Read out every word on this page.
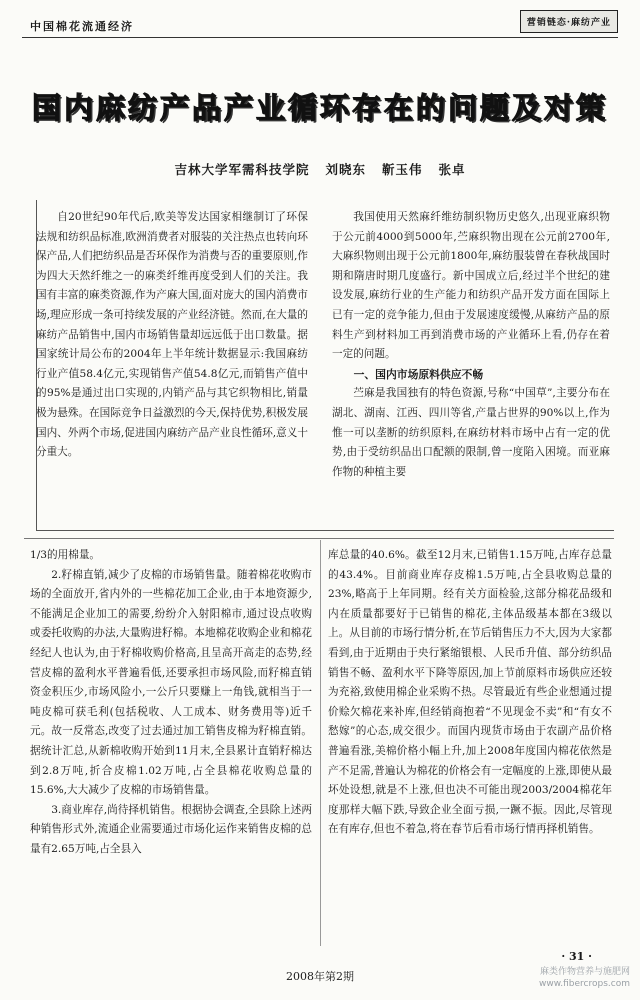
中国棉花流通经济	营销链态·麻纺产业
国内麻纺产品产业循环存在的问题及对策
吉林大学军需科技学院 刘晓东 靳玉伟 张卓

自20世纪90年代后,欧美等发达国家相继制订了环保法规和纺织品标准,欧洲消费者对服装的关注热点也转向环保产品,人们把纺织品是否环保作为消费与否的重要原则,作为四大天然纤维之一的麻类纤维再度受到人们的关注。我国有丰富的麻类资源,作为产麻大国,面对庞大的国内消费市场,理应形成一条可持续发展的产业经济链。然而,在大量的麻纺产品销售中,国内市场销售量却远远低于出口数量。据国家统计局公布的2004年上半年统计数据显示:我国麻纺行业产值58.4亿元,实现销售产值54.8亿元,而销售产值中的95%是通过出口实现的,内销产品与其它织物相比,销量极为悬殊。在国际竞争日益激烈的今天,保持优势,积极发展国内、外两个市场,促进国内麻纺产品产业良性循环,意义十分重大。

我国使用天然麻纤维纺制织物历史悠久,出现亚麻织物于公元前4000到5000年,苎麻织物出现在公元前2700年,大麻织物则出现于公元前1800年,麻纺服装曾在春秋战国时期和隋唐时期几度盛行。新中国成立后,经过半个世纪的建设发展,麻纺行业的生产能力和纺织产品开发方面在国际上已有一定的竞争能力,但由于发展速度缓慢,从麻纺产品的原料生产到材料加工再到消费市场的产业循环上看,仍存在着一定的问题。

一、国内市场原料供应不畅

苎麻是我国独有的特色资源,号称“中国草”,主要分布在湖北、湖南、江西、四川等省,产量占世界的90%以上,作为惟一可以垄断的纺织原料,在麻纺材料市场中占有一定的优势,由于受纺织品出口配额的限制,曾一度陷入困境。而亚麻作物的种植主要

1/3的用棉量。

2.籽棉直销,减少了皮棉的市场销售量。随着棉花收购市场的全面放开,省内外的一些棉花加工企业,由于本地资源少,不能满足企业加工的需要,纷纷介入射阳棉市,通过设点收购或委托收购的办法,大量购进籽棉。本地棉花收购企业和棉花经纪人也认为,由于籽棉收购价格高,且呈高开高走的态势,经营皮棉的盈利水平普遍看低,还要承担市场风险,而籽棉直销资金积压少,市场风险小,一公斤只要赚上一角钱,就相当于一吨皮棉可获毛利(包括税收、人工成本、财务费用等)近千元。故一反常态,改变了过去通过加工销售皮棉为籽棉直销。据统计汇总,从新棉收购开始到11月末,全县累计直销籽棉达到2.8万吨,折合皮棉1.02万吨,占全县棉花收购总量的15.6%,大大减少了皮棉的市场销售量。

3.商业库存,尚待择机销售。根据协会调查,全县除上述两种销售形式外,流通企业需要通过市场化运作来销售皮棉的总量有2.65万吨,占全县入

库总量的40.6%。截至12月末,已销售1.15万吨,占库存总量的43.4%。目前商业库存皮棉1.5万吨,占全县收购总量的23%,略高于上年同期。经有关方面检验,这部分棉花品级和内在质量都要好于已销售的棉花,主体品级基本都在3级以上。从目前的市场行情分析,在节后销售压力不大,因为大家都看到,由于近期由于央行紧缩银根、人民币升值、部分纺织品销售不畅、盈利水平下降等原因,加上节前原料市场供应还较为充裕,致使用棉企业采购不热。尽管最近有些企业想通过提价赊欠棉花来补库,但经销商抱着“不见现金不卖”和“有女不愁嫁”的心态,成交很少。而国内现货市场由于农副产品价格普遍看涨,美棉价格小幅上升,加上2008年度国内棉花依然是产不足需,普遍认为棉花的价格会有一定幅度的上涨,即使从最坏处设想,就是不上涨,但也决不可能出现2003/2004棉花年度那样大幅下跌,导致企业全面亏损,一蹶不振。因此,尽管现在有库存,但也不着急,将在春节后看市场行情再择机销售。

· 31 ·
2008年第2期	麻类作物营养与施肥网
www.fibercrops.com
